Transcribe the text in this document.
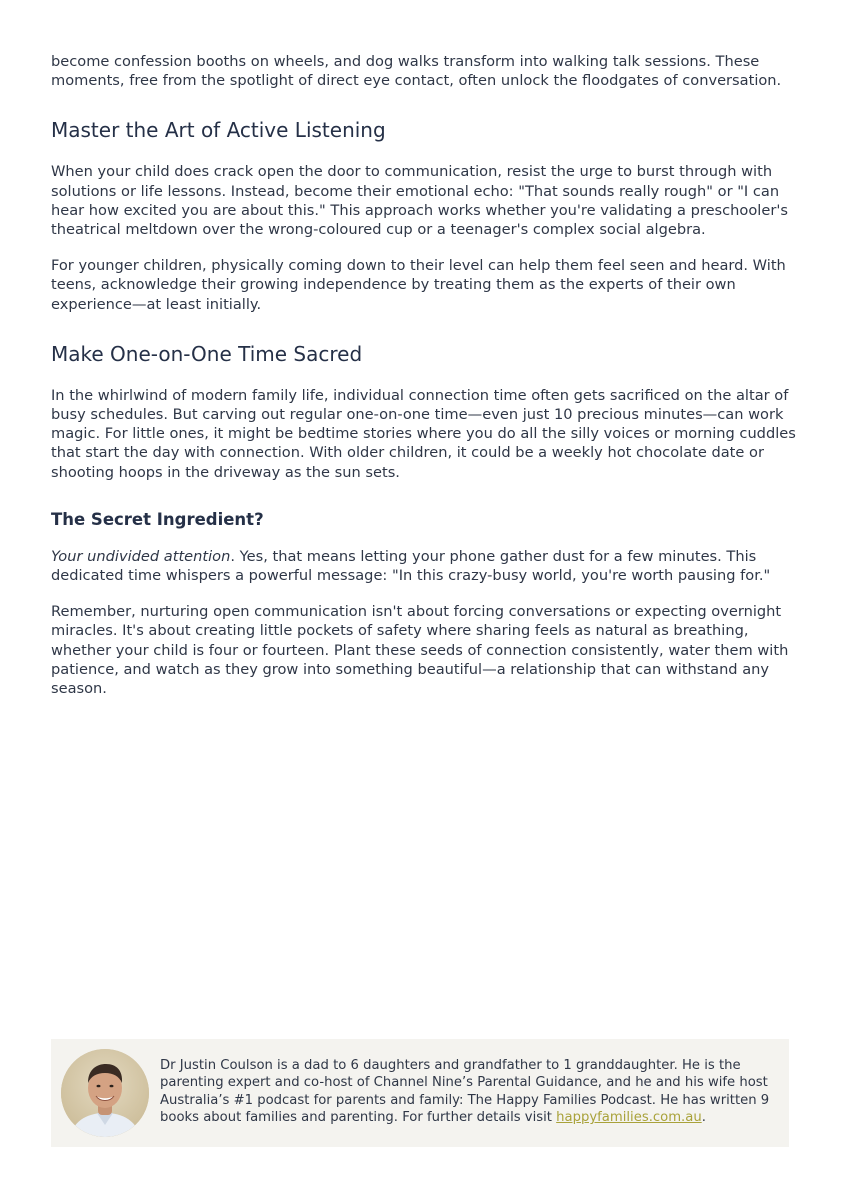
become confession booths on wheels, and dog walks transform into walking talk sessions. These moments, free from the spotlight of direct eye contact, often unlock the floodgates of conversation.

Master the Art of Active Listening

When your child does crack open the door to communication, resist the urge to burst through with solutions or life lessons. Instead, become their emotional echo: "That sounds really rough" or "I can hear how excited you are about this." This approach works whether you're validating a preschooler's theatrical meltdown over the wrong-coloured cup or a teenager's complex social algebra.

For younger children, physically coming down to their level can help them feel seen and heard. With teens, acknowledge their growing independence by treating them as the experts of their own experience—at least initially.

Make One-on-One Time Sacred

In the whirlwind of modern family life, individual connection time often gets sacrificed on the altar of busy schedules. But carving out regular one-on-one time—even just 10 precious minutes—can work magic. For little ones, it might be bedtime stories where you do all the silly voices or morning cuddles that start the day with connection. With older children, it could be a weekly hot chocolate date or shooting hoops in the driveway as the sun sets.

The Secret Ingredient?

Your undivided attention. Yes, that means letting your phone gather dust for a few minutes. This dedicated time whispers a powerful message: "In this crazy-busy world, you're worth pausing for."

Remember, nurturing open communication isn't about forcing conversations or expecting overnight miracles. It's about creating little pockets of safety where sharing feels as natural as breathing, whether your child is four or fourteen. Plant these seeds of connection consistently, water them with patience, and watch as they grow into something beautiful—a relationship that can withstand any season.

Dr Justin Coulson is a dad to 6 daughters and grandfather to 1 granddaughter. He is the parenting expert and co-host of Channel Nine’s Parental Guidance, and he and his wife host Australia’s #1 podcast for parents and family: The Happy Families Podcast. He has written 9 books about families and parenting. For further details visit happyfamilies.com.au.
